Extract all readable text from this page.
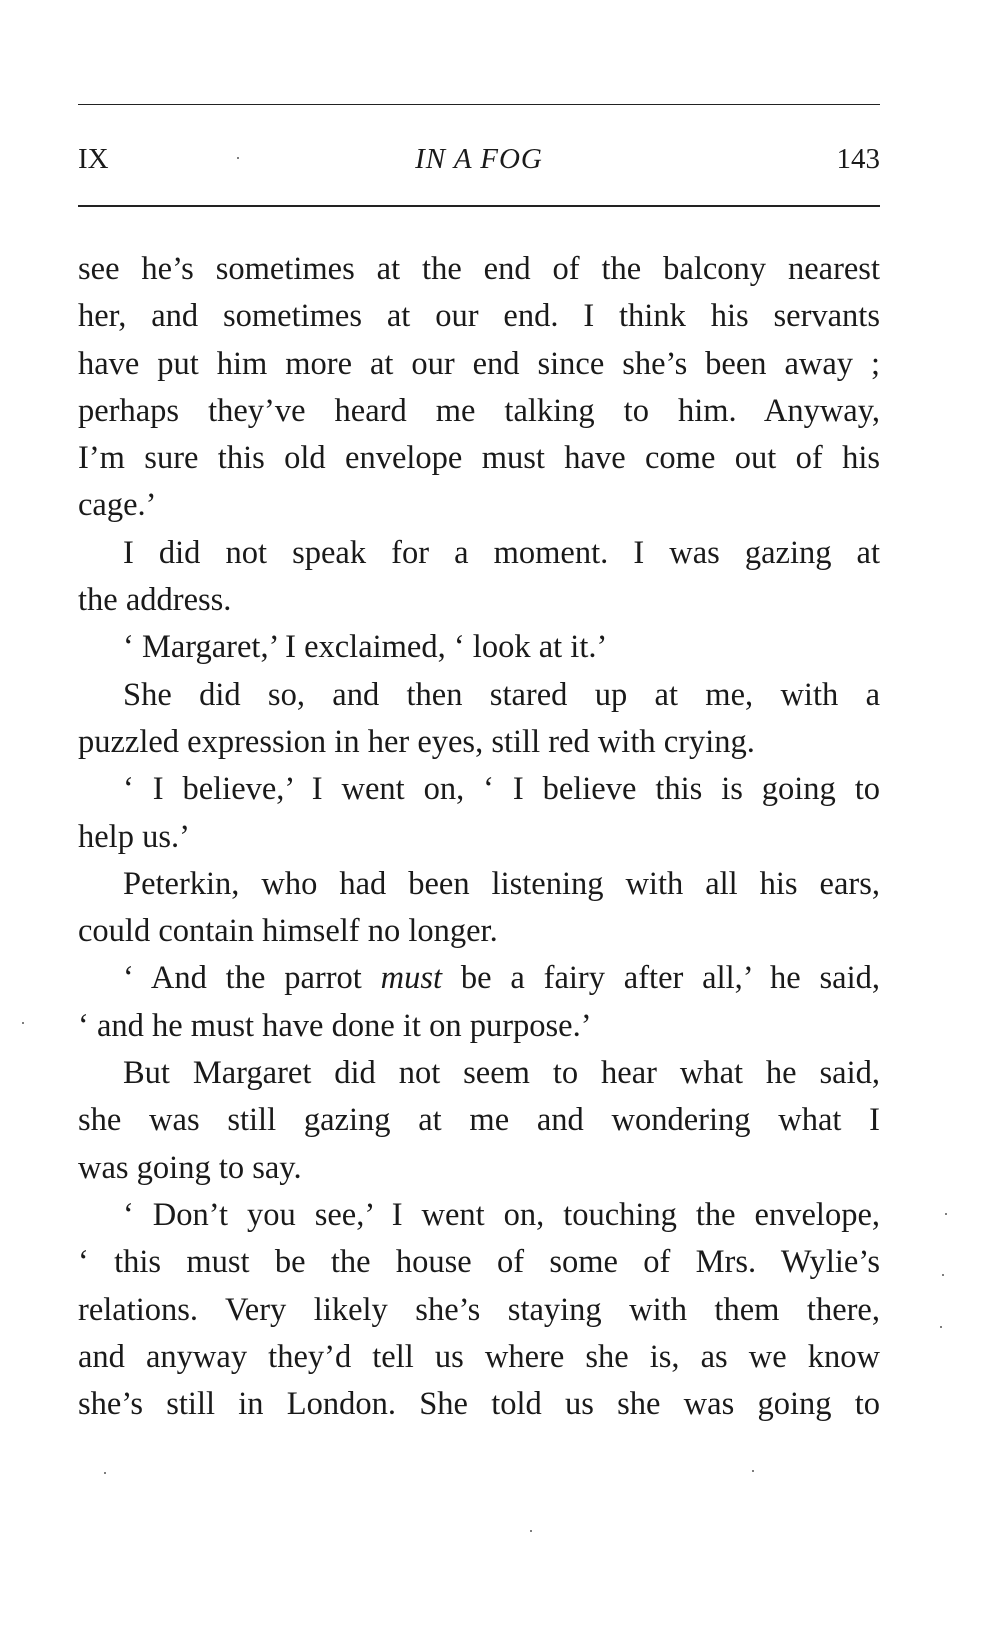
IX	IN A FOG	143
see he’s sometimes at the end of the balcony nearest
her, and sometimes at our end. I think his servants
have put him more at our end since she’s been away ;
perhaps they’ve heard me talking to him. Anyway,
I’m sure this old envelope must have come out of his
cage.’
I did not speak for a moment. I was gazing at
the address.
‘ Margaret,’ I exclaimed, ‘ look at it.’
She did so, and then stared up at me, with a
puzzled expression in her eyes, still red with crying.
‘ I believe,’ I went on, ‘ I believe this is going to
help us.’
Peterkin, who had been listening with all his ears,
could contain himself no longer.
‘ And the parrot must be a fairy after all,’ he said,
‘ and he must have done it on purpose.’
But Margaret did not seem to hear what he said,
she was still gazing at me and wondering what I
was going to say.
‘ Don’t you see,’ I went on, touching the envelope,
‘ this must be the house of some of Mrs. Wylie’s
relations. Very likely she’s staying with them there,
and anyway they’d tell us where she is, as we know
she’s still in London. She told us she was going to
